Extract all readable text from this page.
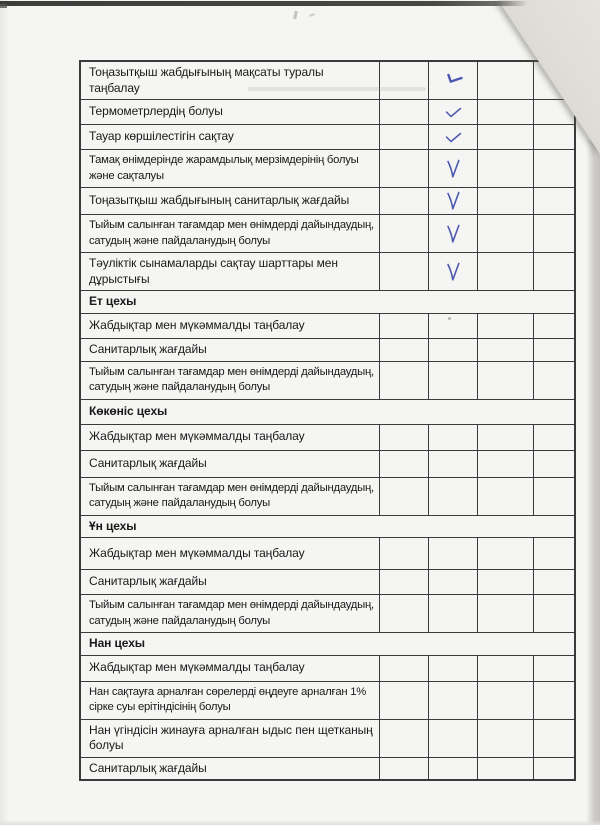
Тоңазытқыш жабдығының мақсаты туралы таңбалау
Термометрлердің болуы
Тауар көршілестігін сақтау
Тамақ өнімдерінде жарамдылық мерзімдерінің болуы және сақталуы
Тоңазытқыш жабдығының санитарлық жағдайы
Тыйым салынған тағамдар мен өнімдерді дайындаудың, сатудың және пайдаланудың болуы
Тәуліктік сынамаларды сақтау шарттары мен дұрыстығы
Ет цехы
Жабдықтар мен мүкәммалды таңбалау
Санитарлық жағдайы
Тыйым салынған тағамдар мен өнімдерді дайындаудың, сатудың және пайдаланудың болуы
Көкөніс цехы
Жабдықтар мен мүкәммалды таңбалау
Санитарлық жағдайы
Тыйым салынған тағамдар мен өнімдерді дайындаудың, сатудың және пайдаланудың болуы
Ұн цехы
Жабдықтар мен мүкәммалды таңбалау
Санитарлық жағдайы
Тыйым салынған тағамдар мен өнімдерді дайындаудың, сатудың және пайдаланудың болуы
Нан цехы
Жабдықтар мен мүкәммалды таңбалау
Нан сақтауға арналған сөрелерді өңдеуге арналған 1% сірке суы ерітіндісінің болуы
Нан үгіндісін жинауға арналған ыдыс пен щетканың болуы
Санитарлық жағдайы
